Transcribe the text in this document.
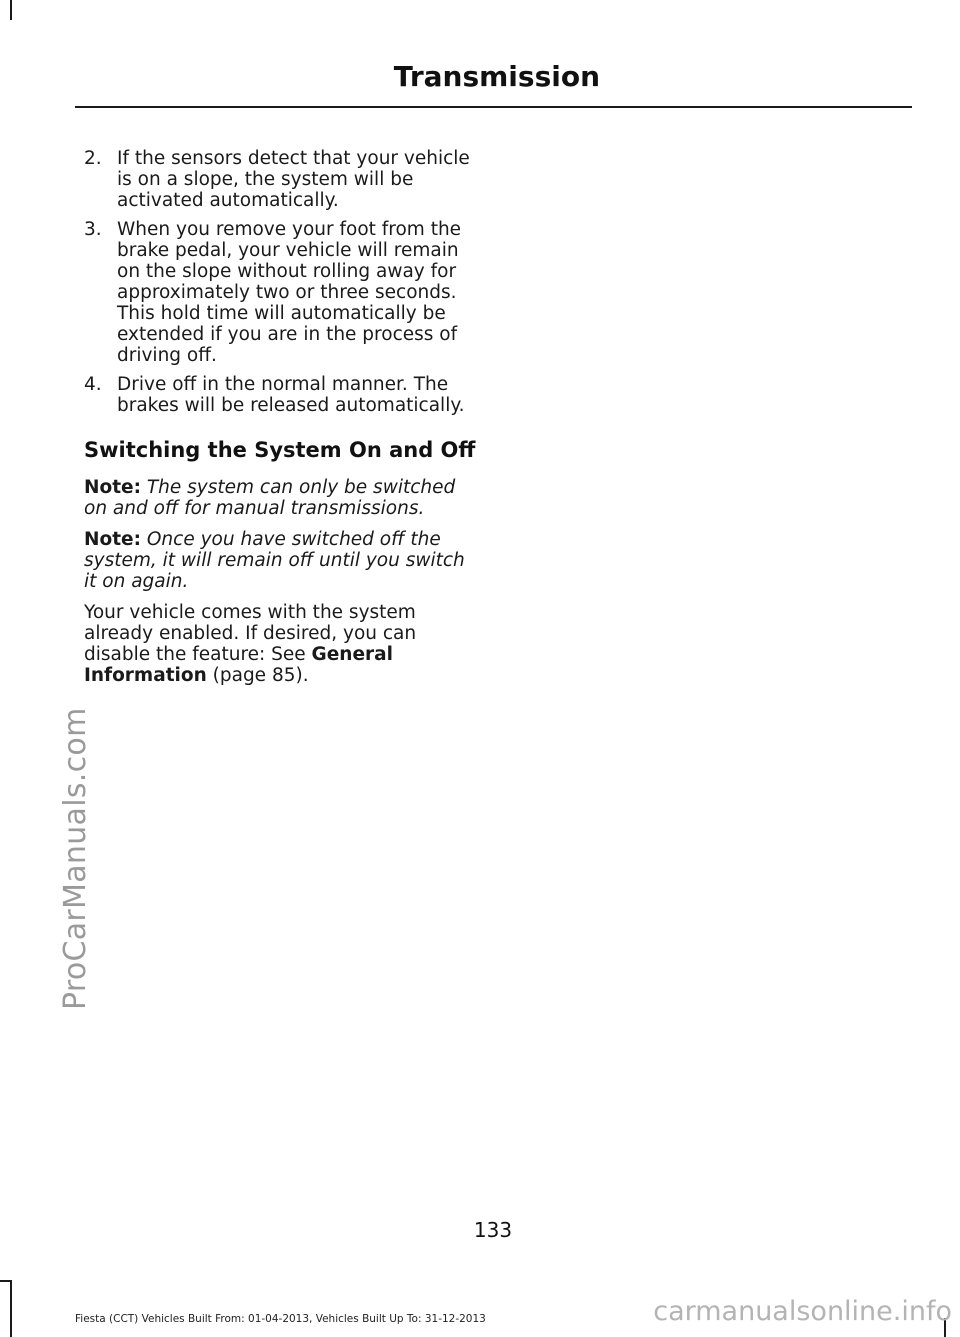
Transmission
ProCarManuals.com
2. If the sensors detect that your vehicle is on a slope, the system will be activated automatically.
3. When you remove your foot from the brake pedal, your vehicle will remain on the slope without rolling away for approximately two or three seconds. This hold time will automatically be extended if you are in the process of driving off.
4. Drive off in the normal manner. The brakes will be released automatically.
Switching the System On and Off

Note: The system can only be switched on and off for manual transmissions.

Note: Once you have switched off the system, it will remain off until you switch it on again.

Your vehicle comes with the system already enabled. If desired, you can disable the feature: See General Information (page 85).

133
Fiesta (CCT) Vehicles Built From: 01-04-2013, Vehicles Built Up To: 31-12-2013	carmanualsonline.info
